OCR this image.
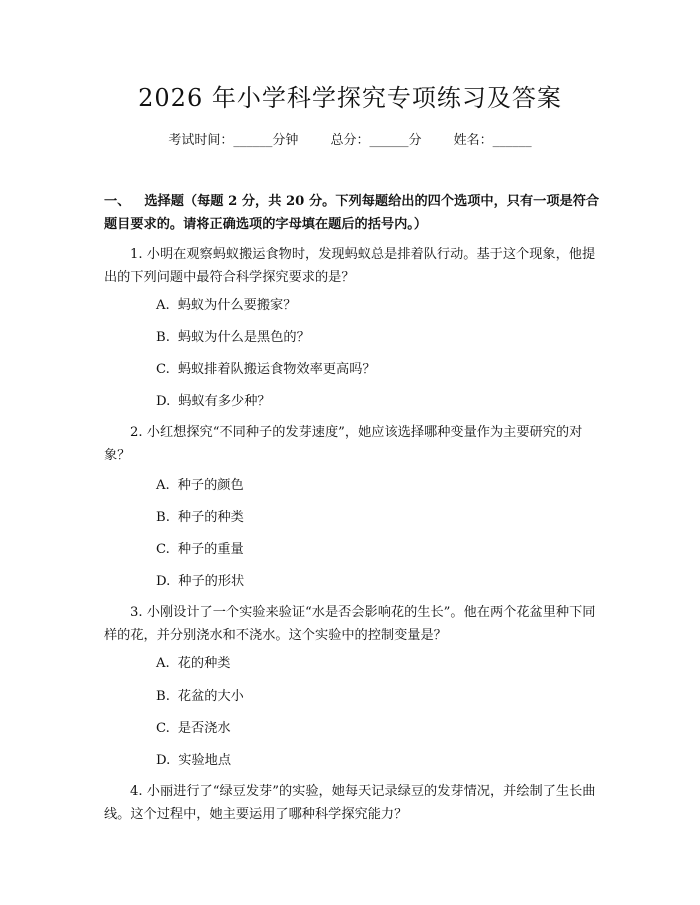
2026 年小学科学探究专项练习及答案
考试时间：______分钟 总分：______分 姓名：______
一、 选择题（每题 2 分，共 20 分。下列每题给出的四个选项中，只有一项是符合题目要求的。请将正确选项的字母填在题后的括号内。）
1. 小明在观察蚂蚁搬运食物时，发现蚂蚁总是排着队行动。基于这个现象，他提出的下列问题中最符合科学探究要求的是？
A. 蚂蚁为什么要搬家？
B. 蚂蚁为什么是黑色的？
C. 蚂蚁排着队搬运食物效率更高吗？
D. 蚂蚁有多少种？
2. 小红想探究“不同种子的发芽速度”，她应该选择哪种变量作为主要研究的对象？
A. 种子的颜色
B. 种子的种类
C. 种子的重量
D. 种子的形状
3. 小刚设计了一个实验来验证“水是否会影响花的生长”。他在两个花盆里种下同样的花，并分别浇水和不浇水。这个实验中的控制变量是？
A. 花的种类
B. 花盆的大小
C. 是否浇水
D. 实验地点
4. 小丽进行了“绿豆发芽”的实验，她每天记录绿豆的发芽情况，并绘制了生长曲线。这个过程中，她主要运用了哪种科学探究能力？
